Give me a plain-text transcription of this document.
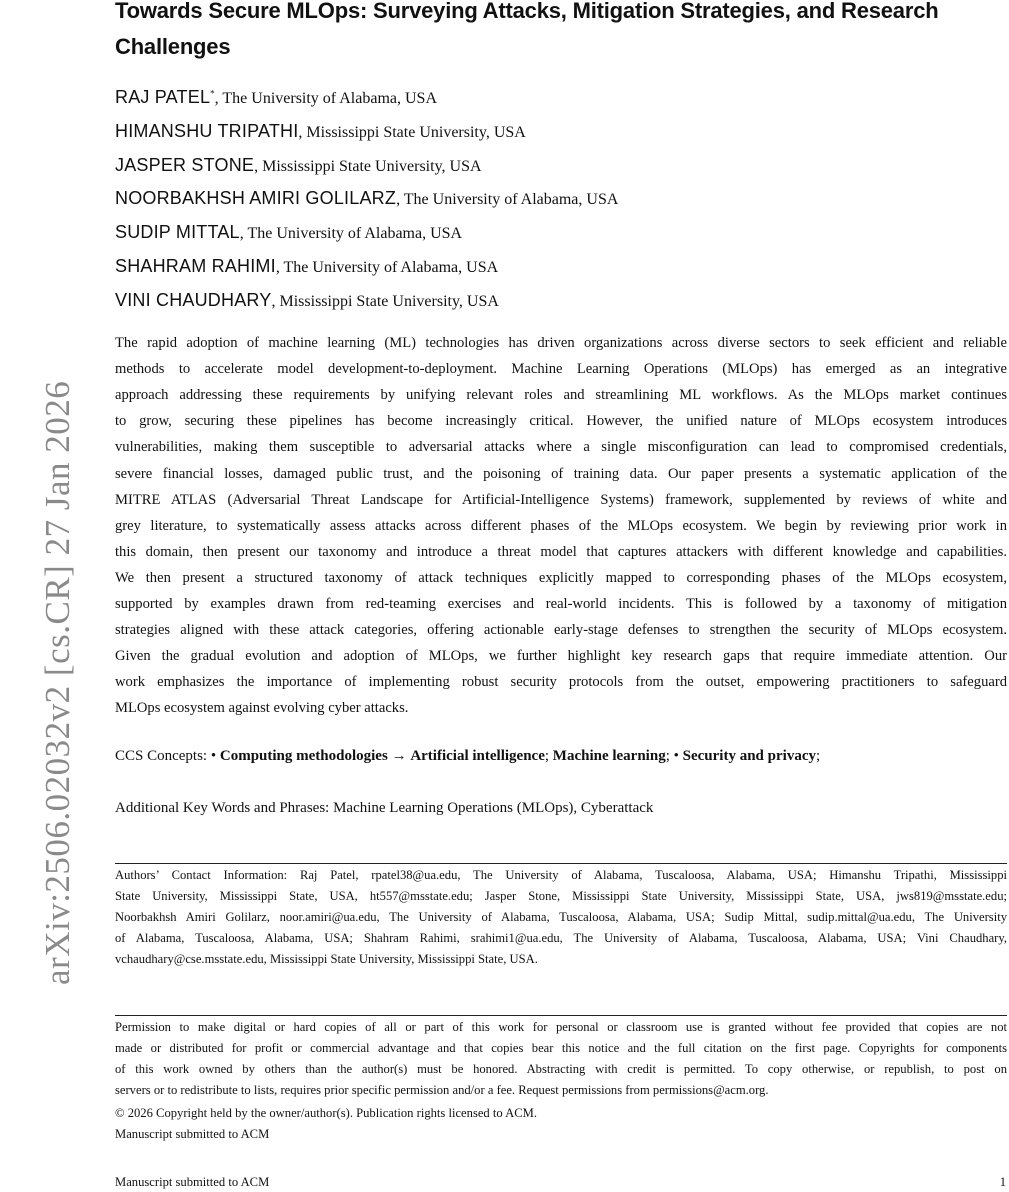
arXiv:2506.02032v2 [cs.CR] 27 Jan 2026
Towards Secure MLOps: Surveying Attacks, Mitigation Strategies, and Research
Challenges
RAJ PATEL*, The University of Alabama, USA
HIMANSHU TRIPATHI, Mississippi State University, USA
JASPER STONE, Mississippi State University, USA
NOORBAKHSH AMIRI GOLILARZ, The University of Alabama, USA
SUDIP MITTAL, The University of Alabama, USA
SHAHRAM RAHIMI, The University of Alabama, USA
VINI CHAUDHARY, Mississippi State University, USA
The rapid adoption of machine learning (ML) technologies has driven organizations across diverse sectors to seek efficient and reliable
methods to accelerate model development-to-deployment. Machine Learning Operations (MLOps) has emerged as an integrative
approach addressing these requirements by unifying relevant roles and streamlining ML workflows. As the MLOps market continues
to grow, securing these pipelines has become increasingly critical. However, the unified nature of MLOps ecosystem introduces
vulnerabilities, making them susceptible to adversarial attacks where a single misconfiguration can lead to compromised credentials,
severe financial losses, damaged public trust, and the poisoning of training data. Our paper presents a systematic application of the
MITRE ATLAS (Adversarial Threat Landscape for Artificial-Intelligence Systems) framework, supplemented by reviews of white and
grey literature, to systematically assess attacks across different phases of the MLOps ecosystem. We begin by reviewing prior work in
this domain, then present our taxonomy and introduce a threat model that captures attackers with different knowledge and capabilities.
We then present a structured taxonomy of attack techniques explicitly mapped to corresponding phases of the MLOps ecosystem,
supported by examples drawn from red-teaming exercises and real-world incidents. This is followed by a taxonomy of mitigation
strategies aligned with these attack categories, offering actionable early-stage defenses to strengthen the security of MLOps ecosystem.
Given the gradual evolution and adoption of MLOps, we further highlight key research gaps that require immediate attention. Our
work emphasizes the importance of implementing robust security protocols from the outset, empowering practitioners to safeguard
MLOps ecosystem against evolving cyber attacks.
CCS Concepts: • Computing methodologies → Artificial intelligence; Machine learning; • Security and privacy;
Additional Key Words and Phrases: Machine Learning Operations (MLOps), Cyberattack
Authors’ Contact Information: Raj Patel, rpatel38@ua.edu, The University of Alabama, Tuscaloosa, Alabama, USA; Himanshu Tripathi, Mississippi
State University, Mississippi State, USA, ht557@msstate.edu; Jasper Stone, Mississippi State University, Mississippi State, USA, jws819@msstate.edu;
Noorbakhsh Amiri Golilarz, noor.amiri@ua.edu, The University of Alabama, Tuscaloosa, Alabama, USA; Sudip Mittal, sudip.mittal@ua.edu, The University
of Alabama, Tuscaloosa, Alabama, USA; Shahram Rahimi, srahimi1@ua.edu, The University of Alabama, Tuscaloosa, Alabama, USA; Vini Chaudhary,
vchaudhary@cse.msstate.edu, Mississippi State University, Mississippi State, USA.
Permission to make digital or hard copies of all or part of this work for personal or classroom use is granted without fee provided that copies are not
made or distributed for profit or commercial advantage and that copies bear this notice and the full citation on the first page. Copyrights for components
of this work owned by others than the author(s) must be honored. Abstracting with credit is permitted. To copy otherwise, or republish, to post on
servers or to redistribute to lists, requires prior specific permission and/or a fee. Request permissions from permissions@acm.org.
© 2026 Copyright held by the owner/author(s). Publication rights licensed to ACM.
Manuscript submitted to ACM
Manuscript submitted to ACM	1
